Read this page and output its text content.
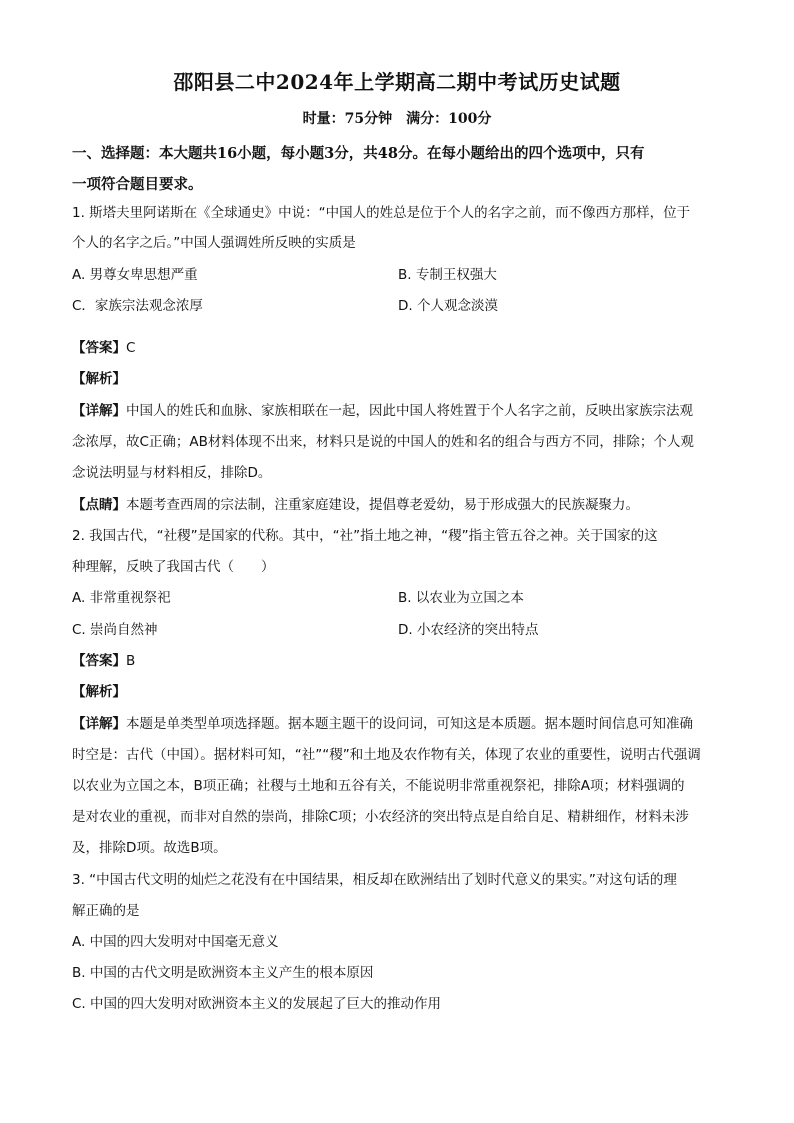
邵阳县二中2024年上学期高二期中考试历史试题
时量：75分钟　满分：100分
一、选择题：本大题共16小题，每小题3分，共48分。在每小题给出的四个选项中，只有
一项符合题目要求。
1. 斯塔夫里阿诺斯在《全球通史》中说：“中国人的姓总是位于个人的名字之前，而不像西方那样，位于
个人的名字之后。”中国人强调姓所反映的实质是
A. 男尊女卑思想严重	B. 专制王权强大
C．家族宗法观念浓厚	D. 个人观念淡漠
【答案】C
【解析】
【详解】中国人的姓氏和血脉、家族相联在一起，因此中国人将姓置于个人名字之前，反映出家族宗法观
念浓厚，故C正确；AB材料体现不出来，材料只是说的中国人的姓和名的组合与西方不同，排除；个人观
念说法明显与材料相反，排除D。
【点睛】本题考查西周的宗法制，注重家庭建设，提倡尊老爱幼，易于形成强大的民族凝聚力。
2. 我国古代，“社稷”是国家的代称。其中，“社”指土地之神，“稷”指主管五谷之神。关于国家的这
种理解，反映了我国古代（　　）
A. 非常重视祭祀	B. 以农业为立国之本
C. 崇尚自然神	D. 小农经济的突出特点
【答案】B
【解析】
【详解】本题是单类型单项选择题。据本题主题干的设问词，可知这是本质题。据本题时间信息可知准确
时空是：古代（中国）。据材料可知，“社”“稷”和土地及农作物有关，体现了农业的重要性，说明古代强调
以农业为立国之本，B项正确；社稷与土地和五谷有关，不能说明非常重视祭祀，排除A项；材料强调的
是对农业的重视，而非对自然的崇尚，排除C项；小农经济的突出特点是自给自足、精耕细作，材料未涉
及，排除D项。故选B项。
3. “中国古代文明的灿烂之花没有在中国结果，相反却在欧洲结出了划时代意义的果实。”对这句话的理
解正确的是
A. 中国的四大发明对中国毫无意义
B. 中国的古代文明是欧洲资本主义产生的根本原因
C. 中国的四大发明对欧洲资本主义的发展起了巨大的推动作用
